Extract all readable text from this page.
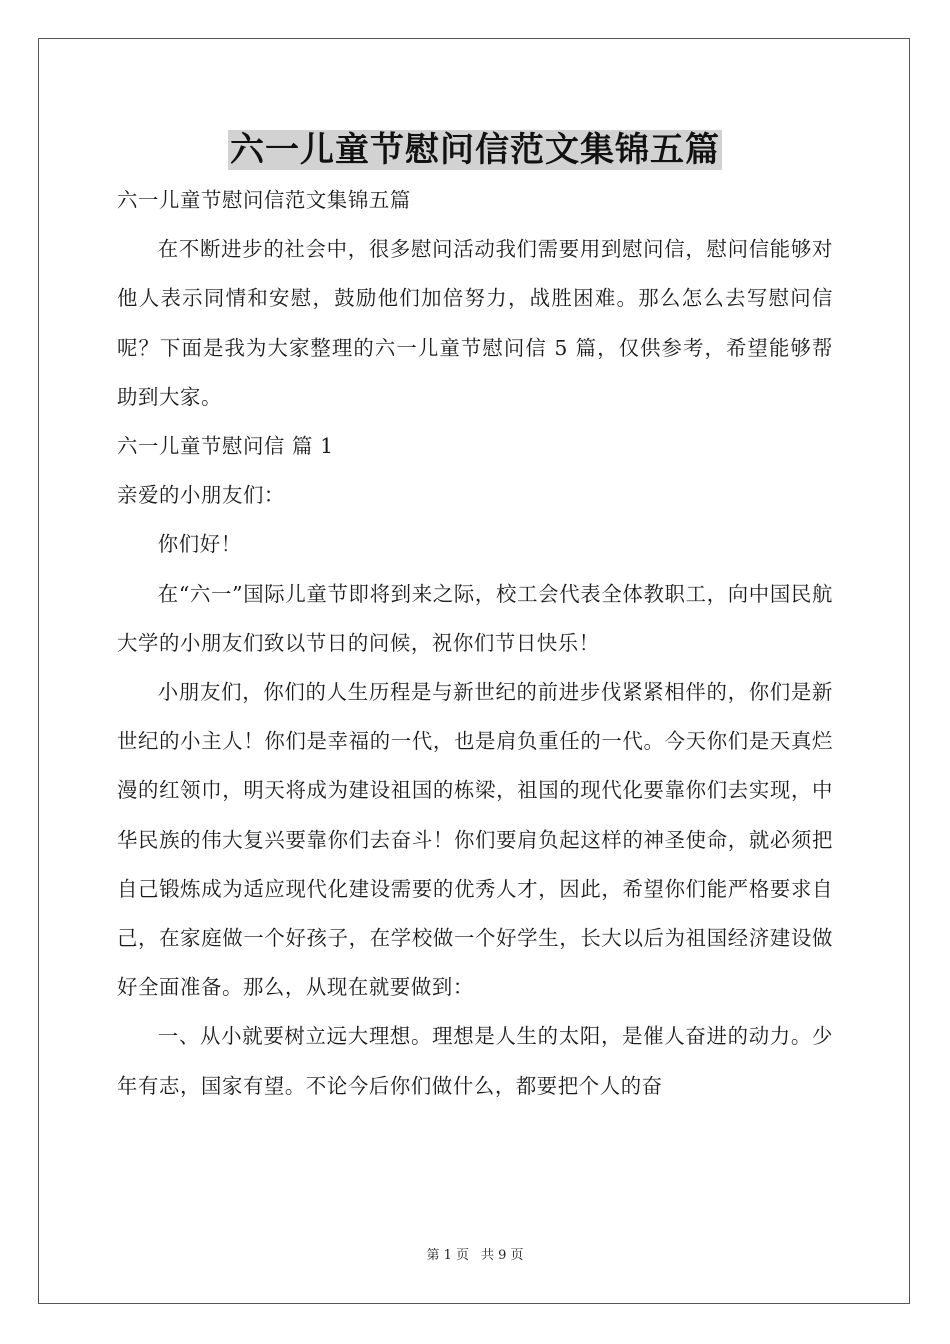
六一儿童节慰问信范文集锦五篇

六一儿童节慰问信范文集锦五篇

在不断进步的社会中，很多慰问活动我们需要用到慰问信，慰问信能够对他人表示同情和安慰，鼓励他们加倍努力，战胜困难。那么怎么去写慰问信呢？下面是我为大家整理的六一儿童节慰问信 5 篇，仅供参考，希望能够帮助到大家。

六一儿童节慰问信 篇 1

亲爱的小朋友们：

你们好！

在“六一”国际儿童节即将到来之际，校工会代表全体教职工，向中国民航大学的小朋友们致以节日的问候，祝你们节日快乐！

小朋友们，你们的人生历程是与新世纪的前进步伐紧紧相伴的，你们是新世纪的小主人！你们是幸福的一代，也是肩负重任的一代。今天你们是天真烂漫的红领巾，明天将成为建设祖国的栋梁，祖国的现代化要靠你们去实现，中华民族的伟大复兴要靠你们去奋斗！你们要肩负起这样的神圣使命，就必须把自己锻炼成为适应现代化建设需要的优秀人才，因此，希望你们能严格要求自己，在家庭做一个好孩子，在学校做一个好学生，长大以后为祖国经济建设做好全面准备。那么，从现在就要做到：

一、从小就要树立远大理想。理想是人生的太阳，是催人奋进的动力。少年有志，国家有望。不论今后你们做什么，都要把个人的奋

第 1 页 共 9 页
